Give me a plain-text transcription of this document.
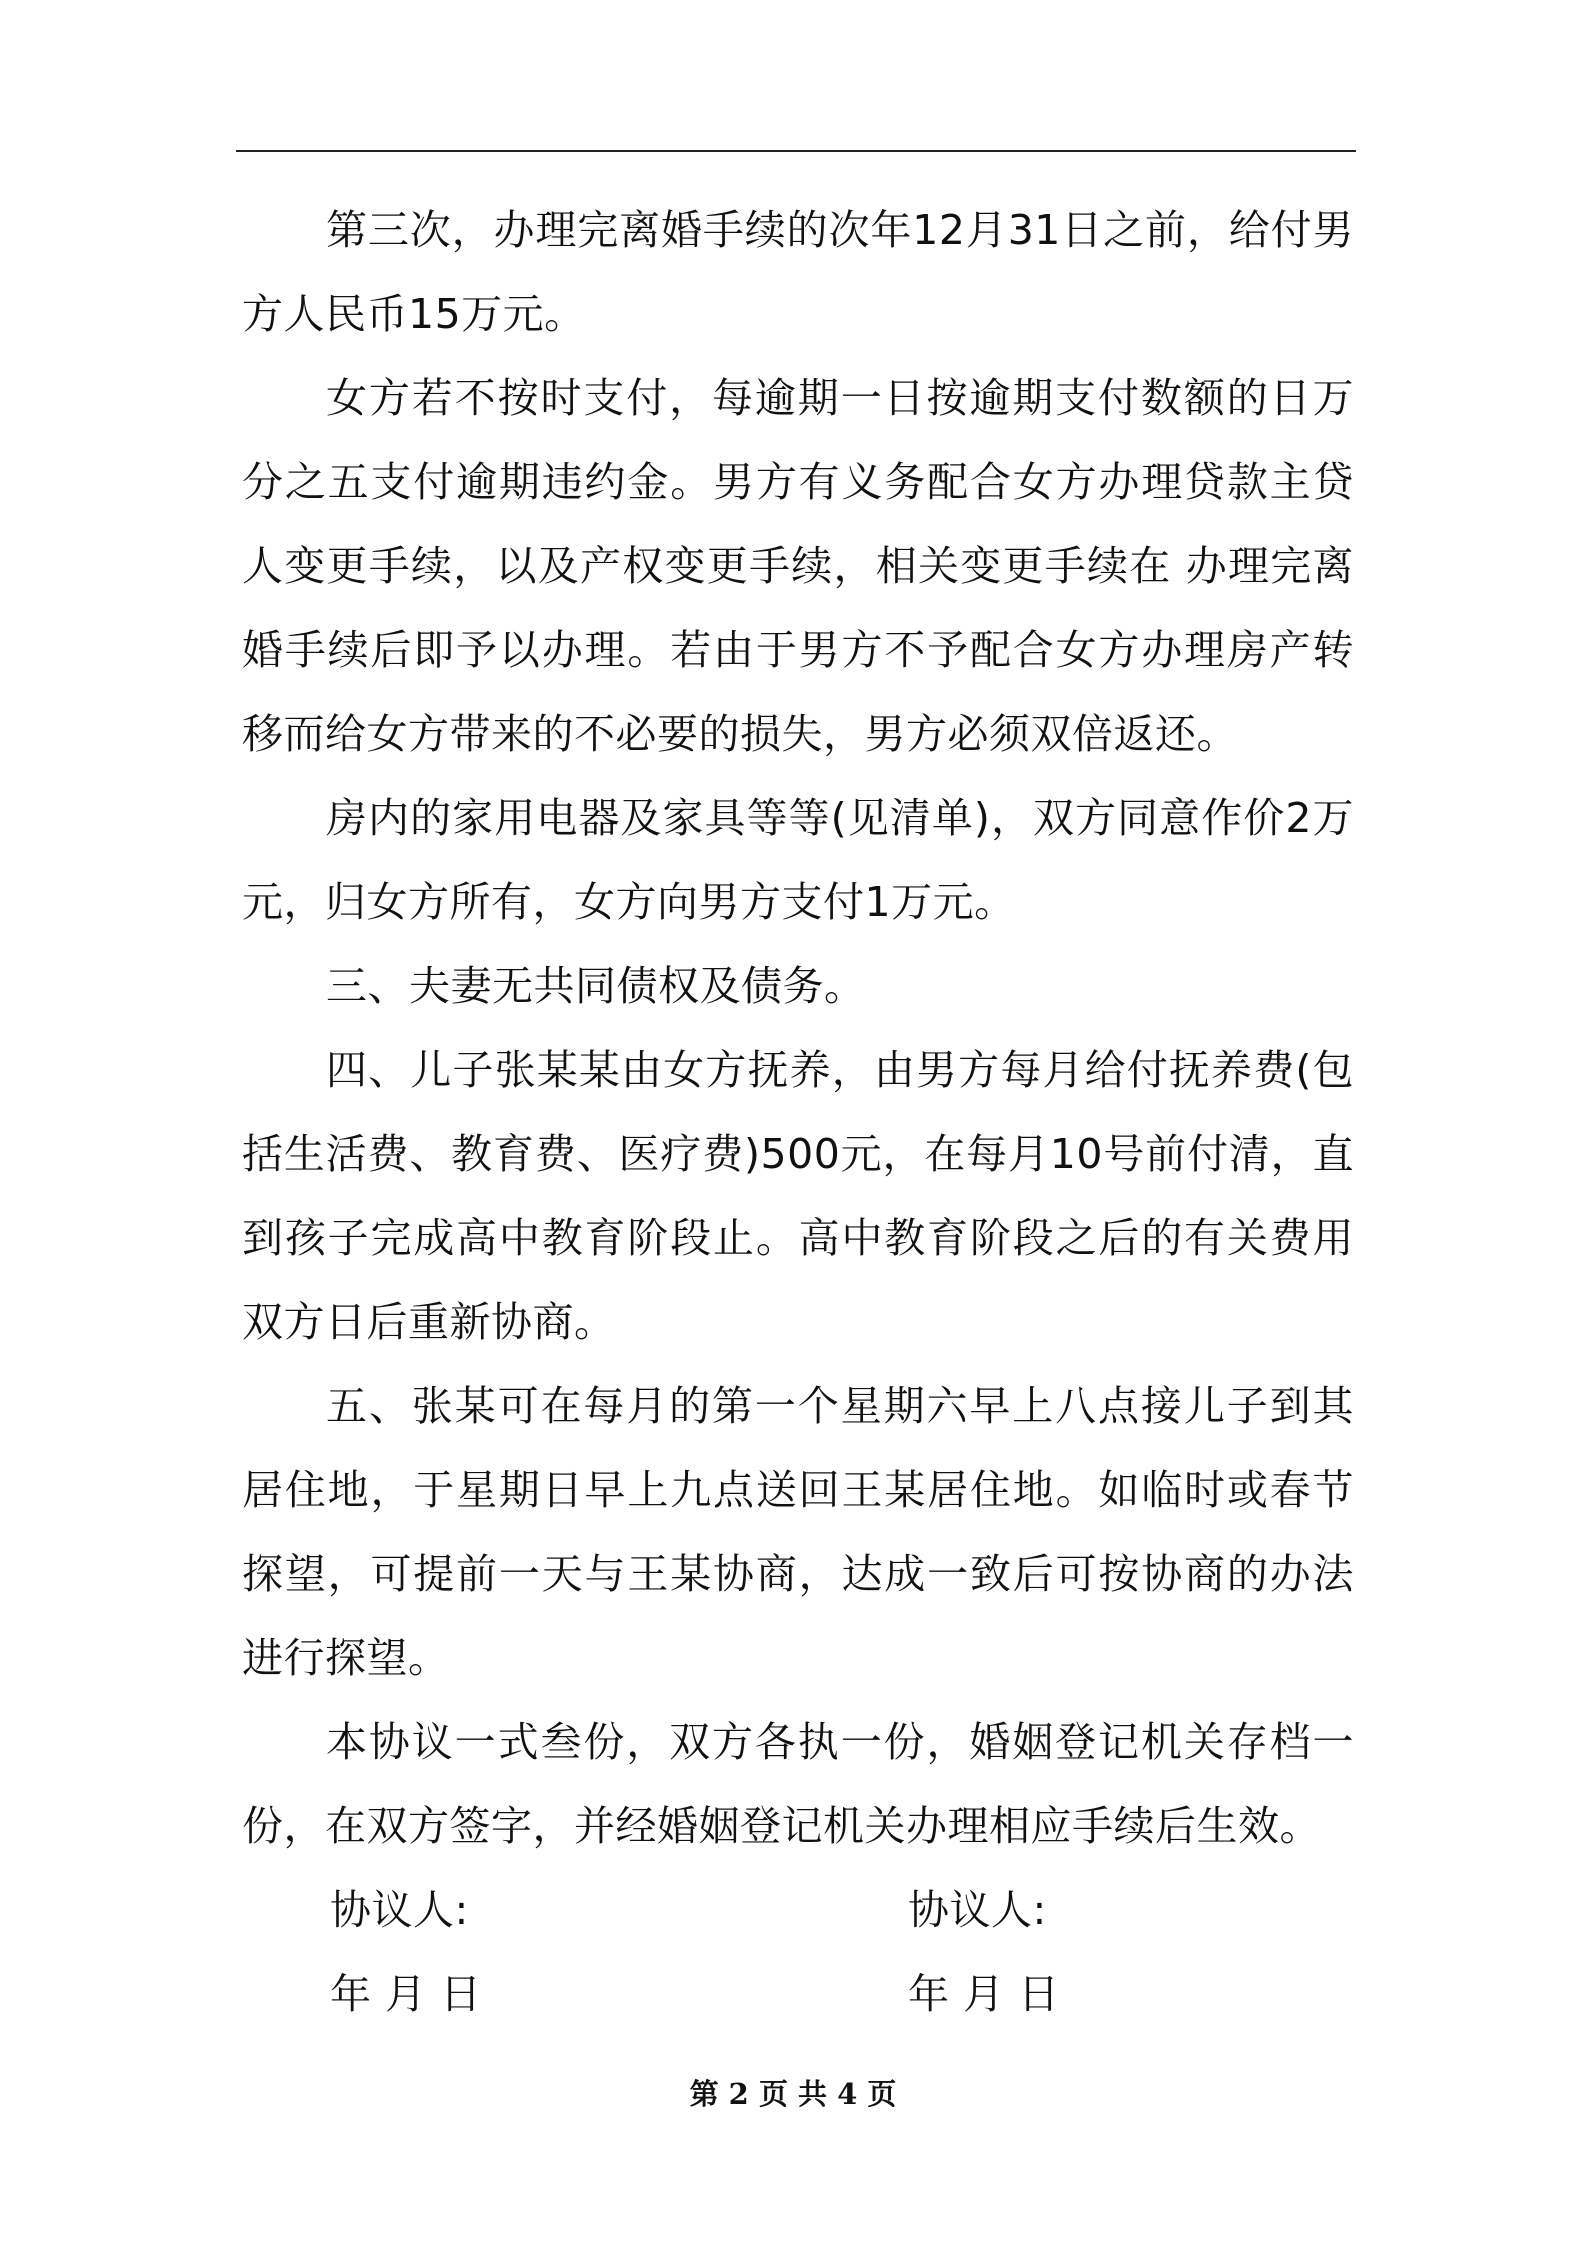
第三次，办理完离婚手续的次年12月31日之前，给付男方人民币15万元。

女方若不按时支付，每逾期一日按逾期支付数额的日万分之五支付逾期违约金。男方有义务配合女方办理贷款主贷人变更手续，以及产权变更手续，相关变更手续在 办理完离婚手续后即予以办理。若由于男方不予配合女方办理房产转移而给女方带来的不必要的损失，男方必须双倍返还。

房内的家用电器及家具等等(见清单)，双方同意作价2万元，归女方所有，女方向男方支付1万元。

三、夫妻无共同债权及债务。

四、儿子张某某由女方抚养，由男方每月给付抚养费(包括生活费、教育费、医疗费)500元，在每月10号前付清，直到孩子完成高中教育阶段止。高中教育阶段之后的有关费用双方日后重新协商。

五、张某可在每月的第一个星期六早上八点接儿子到其居住地，于星期日早上九点送回王某居住地。如临时或春节探望，可提前一天与王某协商，达成一致后可按协商的办法进行探望。

本协议一式叁份，双方各执一份，婚姻登记机关存档一份，在双方签字，并经婚姻登记机关办理相应手续后生效。

协议人:	协议人:
年 月 日	年 月 日
第 2 页 共 4 页
